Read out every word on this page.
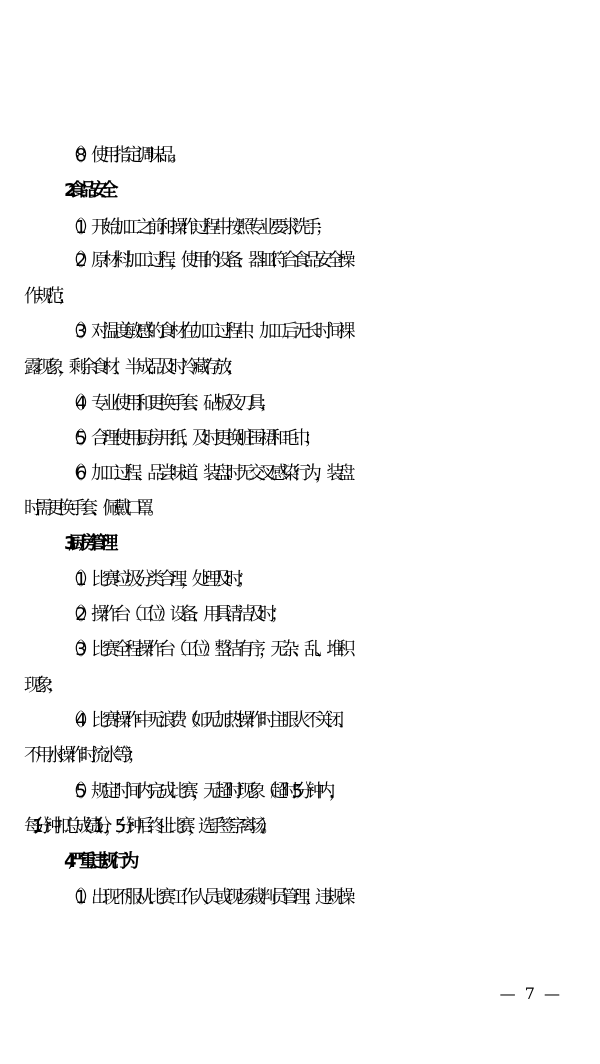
（8）使用指定调味品。
2.食品安全
（1）开始加工之前和操作过程中按照专业要求洗手；
（2）原材料加工过程，使用的设备、器皿符合食品安全操
作规范；
（3）对温度敏感的食材在加工过程中、加工后无长时间裸
露现象，剩余食材、半成品及时冷藏存放；
（4）专业使用和更换手套、砧板及刀具；
（5）合理使用厨房用纸，及时更换脏围裙和毛巾；
（6）加工过程、品尝味道、装盘时无交叉感染行为，装盘
时需更换手套、佩戴口罩。
3.厨房管理
（1）比赛垃圾分类合理，处理及时；
（2）操作台（工位）设备、用具清洁及时；
（3）比赛全程操作台（工位）整洁有序，无杂、乱、堆积
现象；
（4）比赛操作中无浪费（如无加热操作时主眼火不关闭、
不用水操作时流水等）；
（5）规定时间内完成比赛，无超时现象（超时 5 分钟内，
每 1 分钟扣总成绩 1 分，5 分钟后终止比赛，选手签字离场）。
4.严重违规行为
（1）出现不服从比赛工作人员或现场裁判员管理；违规操
— 7 —
